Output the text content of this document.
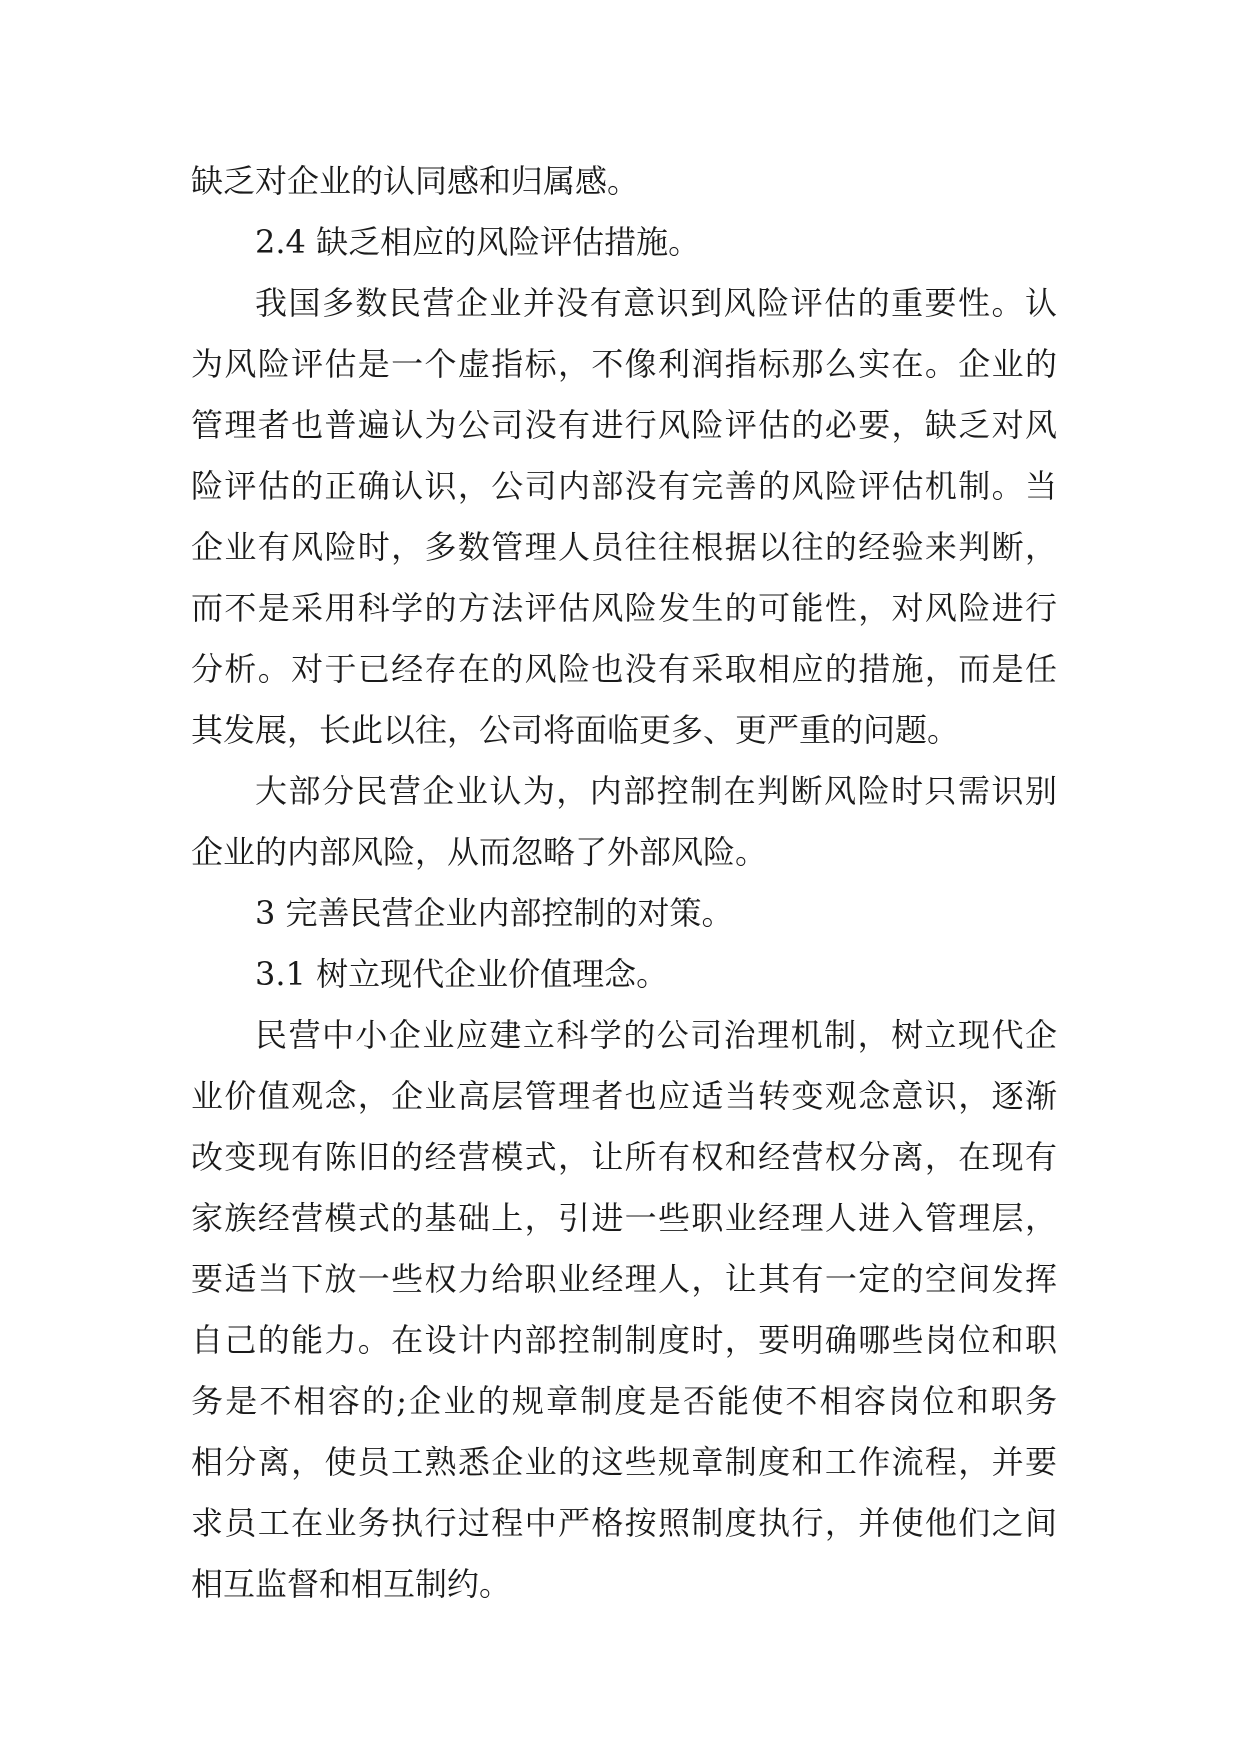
缺乏对企业的认同感和归属感。
2.4 缺乏相应的风险评估措施。
我国多数民营企业并没有意识到风险评估的重要性。认
为风险评估是一个虚指标，不像利润指标那么实在。企业的
管理者也普遍认为公司没有进行风险评估的必要，缺乏对风
险评估的正确认识，公司内部没有完善的风险评估机制。当
企业有风险时，多数管理人员往往根据以往的经验来判断，
而不是采用科学的方法评估风险发生的可能性，对风险进行
分析。对于已经存在的风险也没有采取相应的措施，而是任
其发展，长此以往，公司将面临更多、更严重的问题。
大部分民营企业认为，内部控制在判断风险时只需识别
企业的内部风险，从而忽略了外部风险。
3 完善民营企业内部控制的对策。
3.1 树立现代企业价值理念。
民营中小企业应建立科学的公司治理机制，树立现代企
业价值观念，企业高层管理者也应适当转变观念意识，逐渐
改变现有陈旧的经营模式，让所有权和经营权分离，在现有
家族经营模式的基础上，引进一些职业经理人进入管理层，
要适当下放一些权力给职业经理人，让其有一定的空间发挥
自己的能力。在设计内部控制制度时，要明确哪些岗位和职
务是不相容的;企业的规章制度是否能使不相容岗位和职务
相分离，使员工熟悉企业的这些规章制度和工作流程，并要
求员工在业务执行过程中严格按照制度执行，并使他们之间
相互监督和相互制约。
